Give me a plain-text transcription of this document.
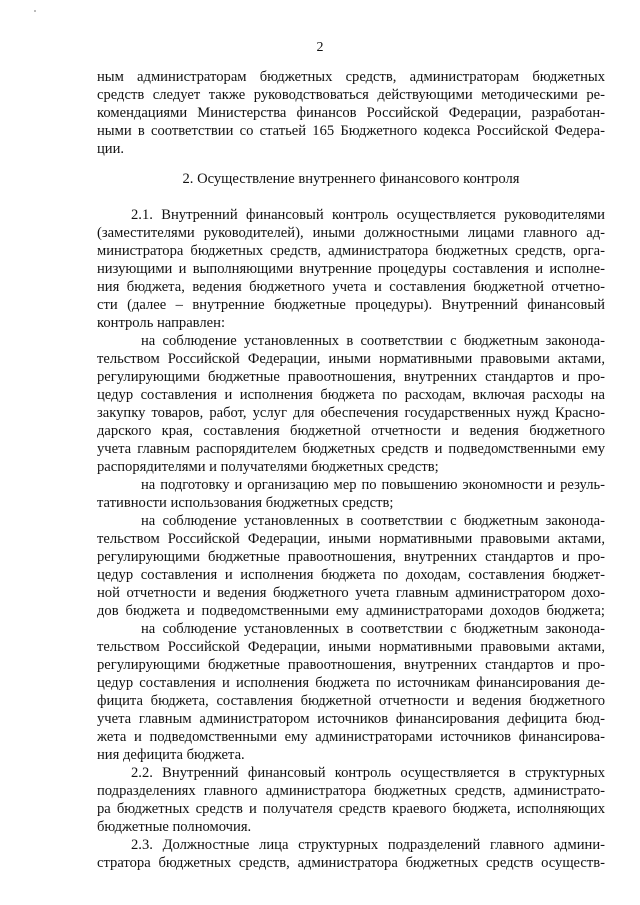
2
ным администраторам бюджетных средств, администраторам бюджетных
средств следует также руководствоваться действующими методическими ре-
комендациями Министерства финансов Российской Федерации, разработан-
ными в соответствии со статьей 165 Бюджетного кодекса Российской Федера-
ции.
2. Осуществление внутреннего финансового контроля
2.1. Внутренний финансовый контроль осуществляется руководителями
(заместителями руководителей), иными должностными лицами главного ад-
министратора бюджетных средств, администратора бюджетных средств, орга-
низующими и выполняющими внутренние процедуры составления и исполне-
ния бюджета, ведения бюджетного учета и составления бюджетной отчетно-
сти (далее – внутренние бюджетные процедуры). Внутренний финансовый
контроль направлен:
на соблюдение установленных в соответствии с бюджетным законода-
тельством Российской Федерации, иными нормативными правовыми актами,
регулирующими бюджетные правоотношения, внутренних стандартов и про-
цедур составления и исполнения бюджета по расходам, включая расходы на
закупку товаров, работ, услуг для обеспечения государственных нужд Красно-
дарского края, составления бюджетной отчетности и ведения бюджетного
учета главным распорядителем бюджетных средств и подведомственными ему
распорядителями и получателями бюджетных средств;
на подготовку и организацию мер по повышению экономности и резуль-
тативности использования бюджетных средств;
на соблюдение установленных в соответствии с бюджетным законода-
тельством Российской Федерации, иными нормативными правовыми актами,
регулирующими бюджетные правоотношения, внутренних стандартов и про-
цедур составления и исполнения бюджета по доходам, составления бюджет-
ной отчетности и ведения бюджетного учета главным администратором дохо-
дов бюджета и подведомственными ему администраторами доходов бюджета;
на соблюдение установленных в соответствии с бюджетным законода-
тельством Российской Федерации, иными нормативными правовыми актами,
регулирующими бюджетные правоотношения, внутренних стандартов и про-
цедур составления и исполнения бюджета по источникам финансирования де-
фицита бюджета, составления бюджетной отчетности и ведения бюджетного
учета главным администратором источников финансирования дефицита бюд-
жета и подведомственными ему администраторами источников финансирова-
ния дефицита бюджета.
2.2. Внутренний финансовый контроль осуществляется в структурных
подразделениях главного администратора бюджетных средств, администрато-
ра бюджетных средств и получателя средств краевого бюджета, исполняющих
бюджетные полномочия.
2.3. Должностные лица структурных подразделений главного админи-
стратора бюджетных средств, администратора бюджетных средств осуществ-
